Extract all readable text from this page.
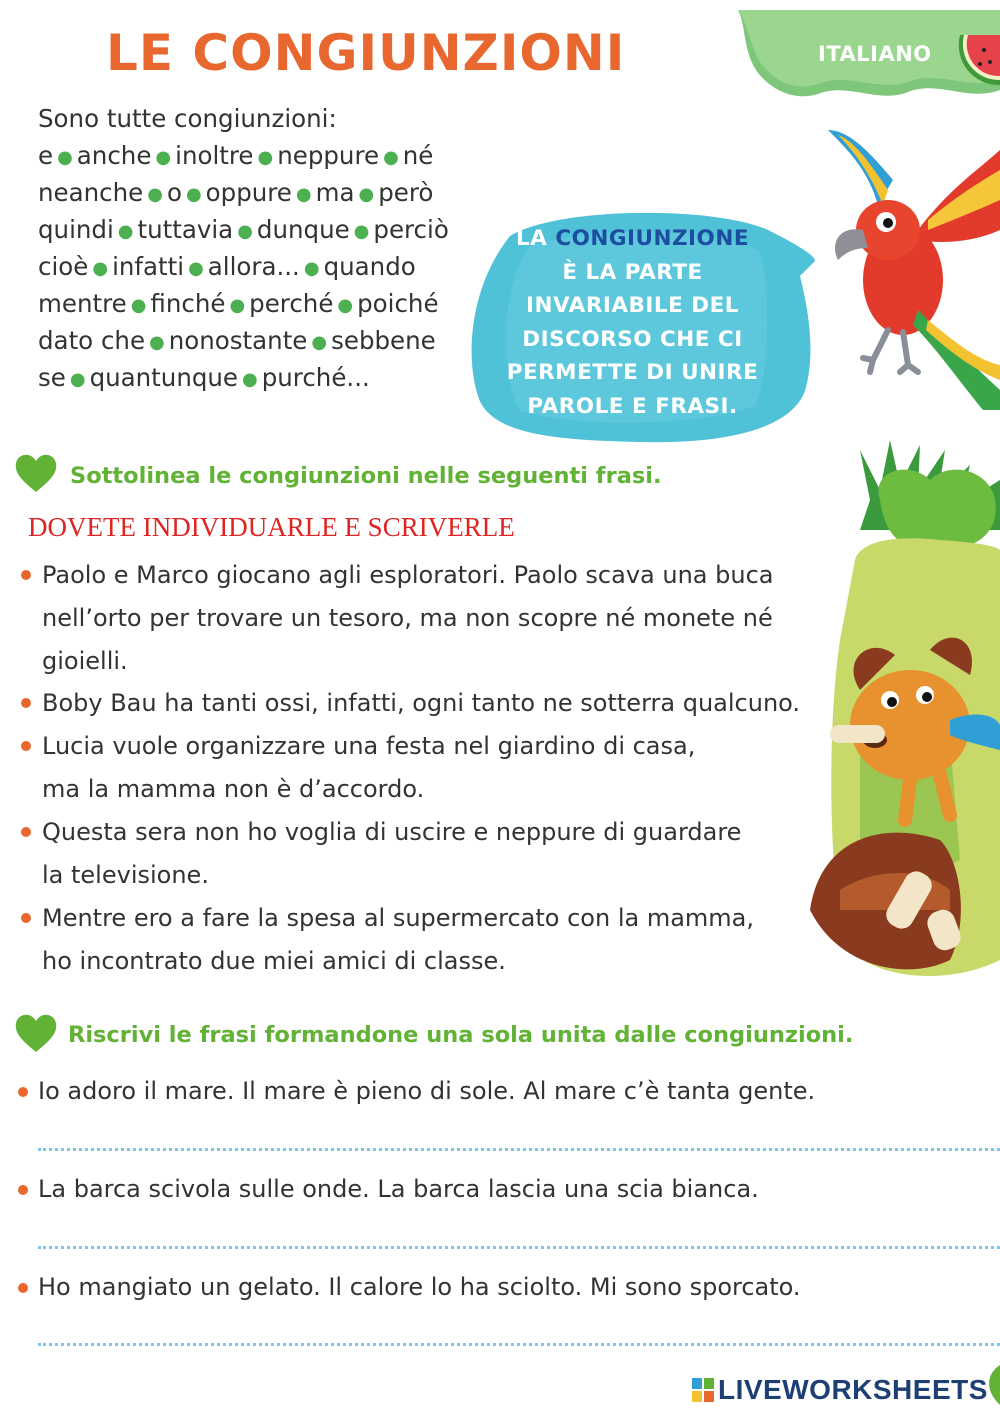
LE CONGIUNZIONI	ITALIANO
Sono tutte congiunzioni:
e ● anche ● inoltre ● neppure ● né
neanche ● o ● oppure ● ma ● però
quindi ● tuttavia ● dunque ● perciò
cioè ● infatti ● allora... ● quando
mentre ● finché ● perché ● poiché
dato che ● nonostante ● sebbene
se ● quantunque ● purché...
LA CONGIUNZIONE
È LA PARTE
INVARIABILE DEL
DISCORSO CHE CI
PERMETTE DI UNIRE
PAROLE E FRASI.
Sottolinea le congiunzioni nelle seguenti frasi.
DOVETE INDIVIDUARLE E SCRIVERLE
Paolo e Marco giocano agli esploratori. Paolo scava una buca
nell’orto per trovare un tesoro, ma non scopre né monete né
gioielli.
Boby Bau ha tanti ossi, infatti, ogni tanto ne sotterra qualcuno.
Lucia vuole organizzare una festa nel giardino di casa,
ma la mamma non è d’accordo.
Questa sera non ho voglia di uscire e neppure di guardare
la televisione.
Mentre ero a fare la spesa al supermercato con la mamma,
ho incontrato due miei amici di classe.
Riscrivi le frasi formandone una sola unita dalle congiunzioni.
Io adoro il mare. Il mare è pieno di sole. Al mare c’è tanta gente.
La barca scivola sulle onde. La barca lascia una scia bianca.
Ho mangiato un gelato. Il calore lo ha sciolto. Mi sono sporcato.
LIVEWORKSHEETS
